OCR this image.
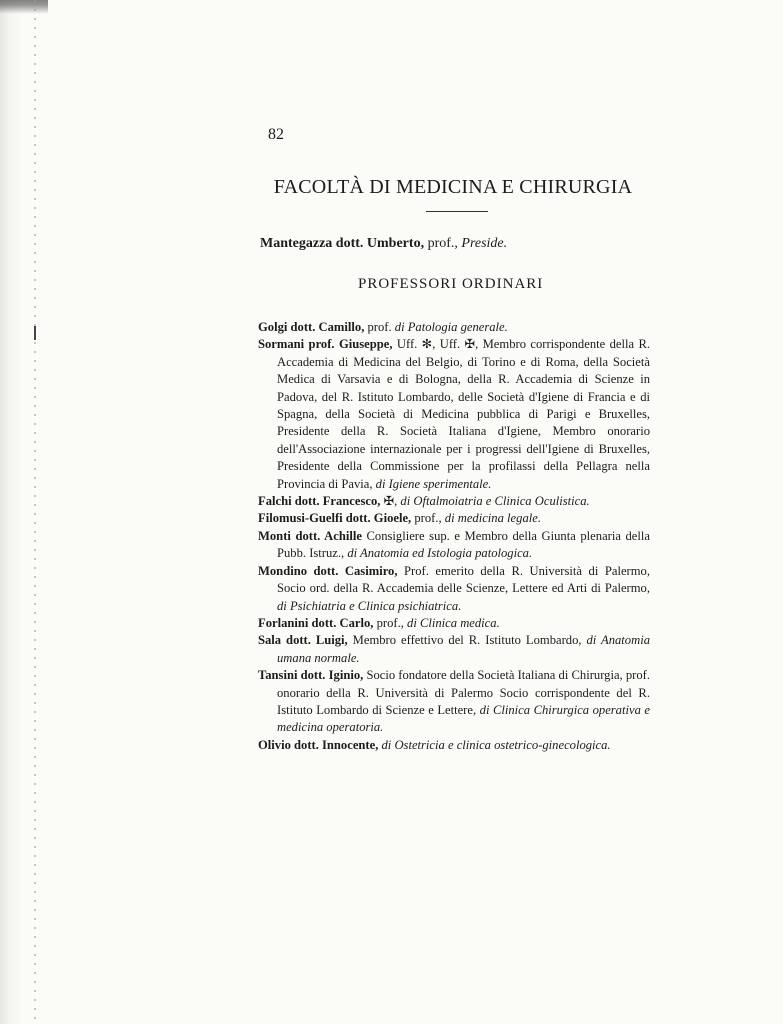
82
FACOLTÀ DI MEDICINA E CHIRURGIA
Mantegazza dott. Umberto, prof., Preside.
PROFESSORI ORDINARI
Golgi dott. Camillo, prof. di Patologia generale.
Sormani prof. Giuseppe, Uff. ✻, Uff. ✠, Membro corrispondente della R. Accademia di Medicina del Belgio, di Torino e di Roma, della Società Medica di Varsavia e di Bologna, della R. Accademia di Scienze in Padova, del R. Istituto Lombardo, delle Società d'Igiene di Francia e di Spagna, della Società di Medicina pubblica di Parigi e Bruxelles, Presidente della R. Società Italiana d'Igiene, Membro onorario dell'Associazione internazionale per i progressi dell'Igiene di Bruxelles, Presidente della Commissione per la profilassi della Pellagra nella Provincia di Pavia, di Igiene sperimentale.
Falchi dott. Francesco, ✠, di Oftalmoiatria e Clinica Oculistica.
Filomusi-Guelfi dott. Gioele, prof., di medicina legale.
Monti dott. Achille Consigliere sup. e Membro della Giunta plenaria della Pubb. Istruz., di Anatomia ed Istologia patologica.
Mondino dott. Casimiro, Prof. emerito della R. Università di Palermo, Socio ord. della R. Accademia delle Scienze, Lettere ed Arti di Palermo, di Psichiatria e Clinica psichiatrica.
Forlanini dott. Carlo, prof., di Clinica medica.
Sala dott. Luigi, Membro effettivo del R. Istituto Lombardo, di Anatomia umana normale.
Tansini dott. Iginio, Socio fondatore della Società Italiana di Chirurgia, prof. onorario della R. Università di Palermo Socio corrispondente del R. Istituto Lombardo di Scienze e Lettere, di Clinica Chirurgica operativa e medicina operatoria.
Olivio dott. Innocente, di Ostetricia e clinica ostetrico-ginecologica.
